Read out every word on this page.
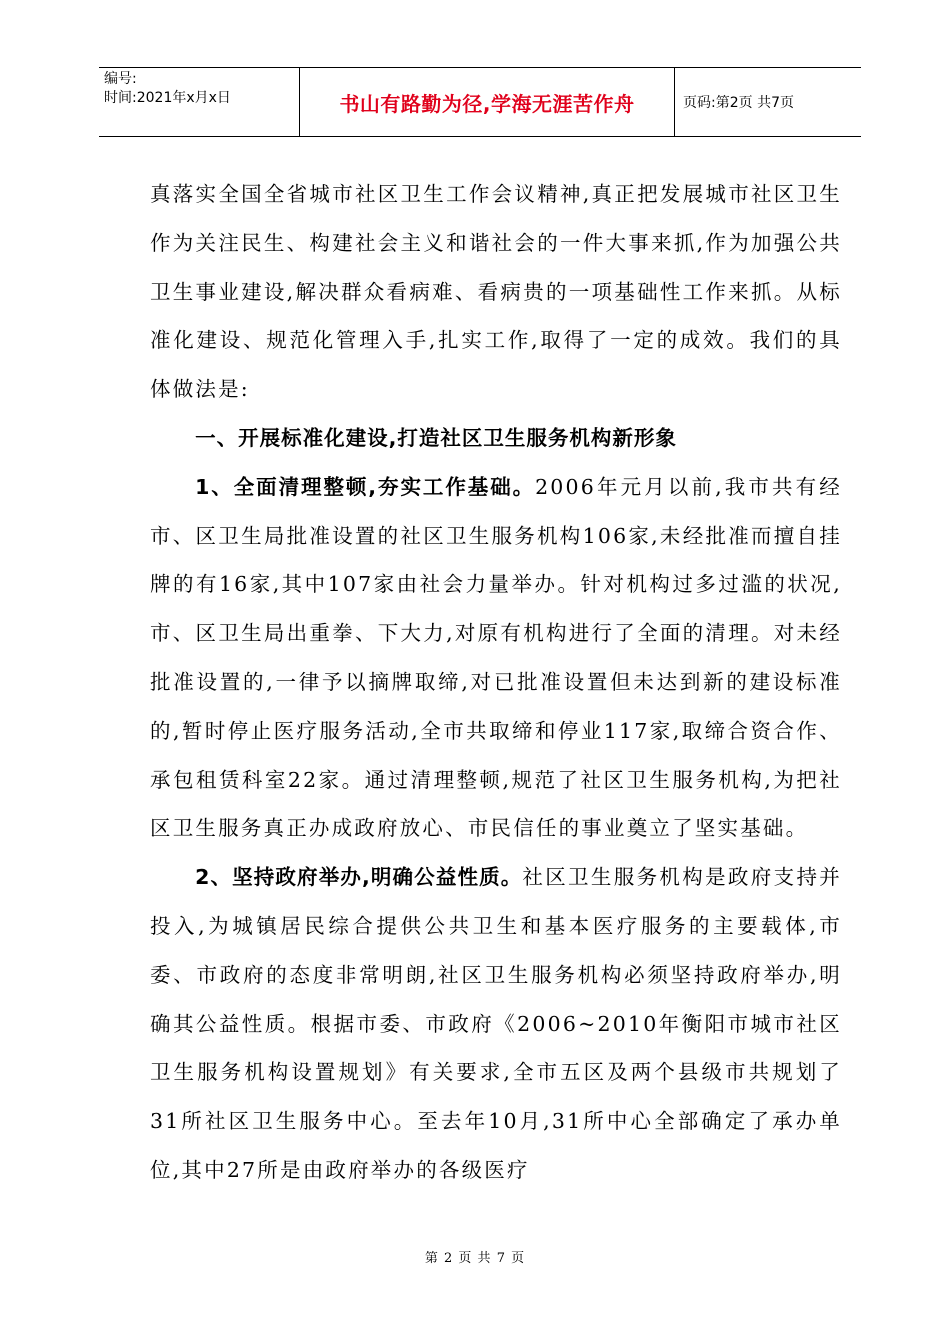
编号:
时间:2021年x月x日	书山有路勤为径,学海无涯苦作舟	页码:第2页 共7页

真落实全国全省城市社区卫生工作会议精神,真正把发展城市社区卫生作为关注民生、构建社会主义和谐社会的一件大事来抓,作为加强公共卫生事业建设,解决群众看病难、看病贵的一项基础性工作来抓。从标准化建设、规范化管理入手,扎实工作,取得了一定的成效。我们的具体做法是:

一、开展标准化建设,打造社区卫生服务机构新形象

1、全面清理整顿,夯实工作基础。2006年元月以前,我市共有经市、区卫生局批准设置的社区卫生服务机构106家,未经批准而擅自挂牌的有16家,其中107家由社会力量举办。针对机构过多过滥的状况,市、区卫生局出重拳、下大力,对原有机构进行了全面的清理。对未经批准设置的,一律予以摘牌取缔,对已批准设置但未达到新的建设标准的,暂时停止医疗服务活动,全市共取缔和停业117家,取缔合资合作、承包租赁科室22家。通过清理整顿,规范了社区卫生服务机构,为把社区卫生服务真正办成政府放心、市民信任的事业奠立了坚实基础。

2、坚持政府举办,明确公益性质。社区卫生服务机构是政府支持并投入,为城镇居民综合提供公共卫生和基本医疗服务的主要载体,市委、市政府的态度非常明朗,社区卫生服务机构必须坚持政府举办,明确其公益性质。根据市委、市政府《2006~2010年衡阳市城市社区卫生服务机构设置规划》有关要求,全市五区及两个县级市共规划了31所社区卫生服务中心。至去年10月,31所中心全部确定了承办单位,其中27所是由政府举办的各级医疗

第 2 页 共 7 页
